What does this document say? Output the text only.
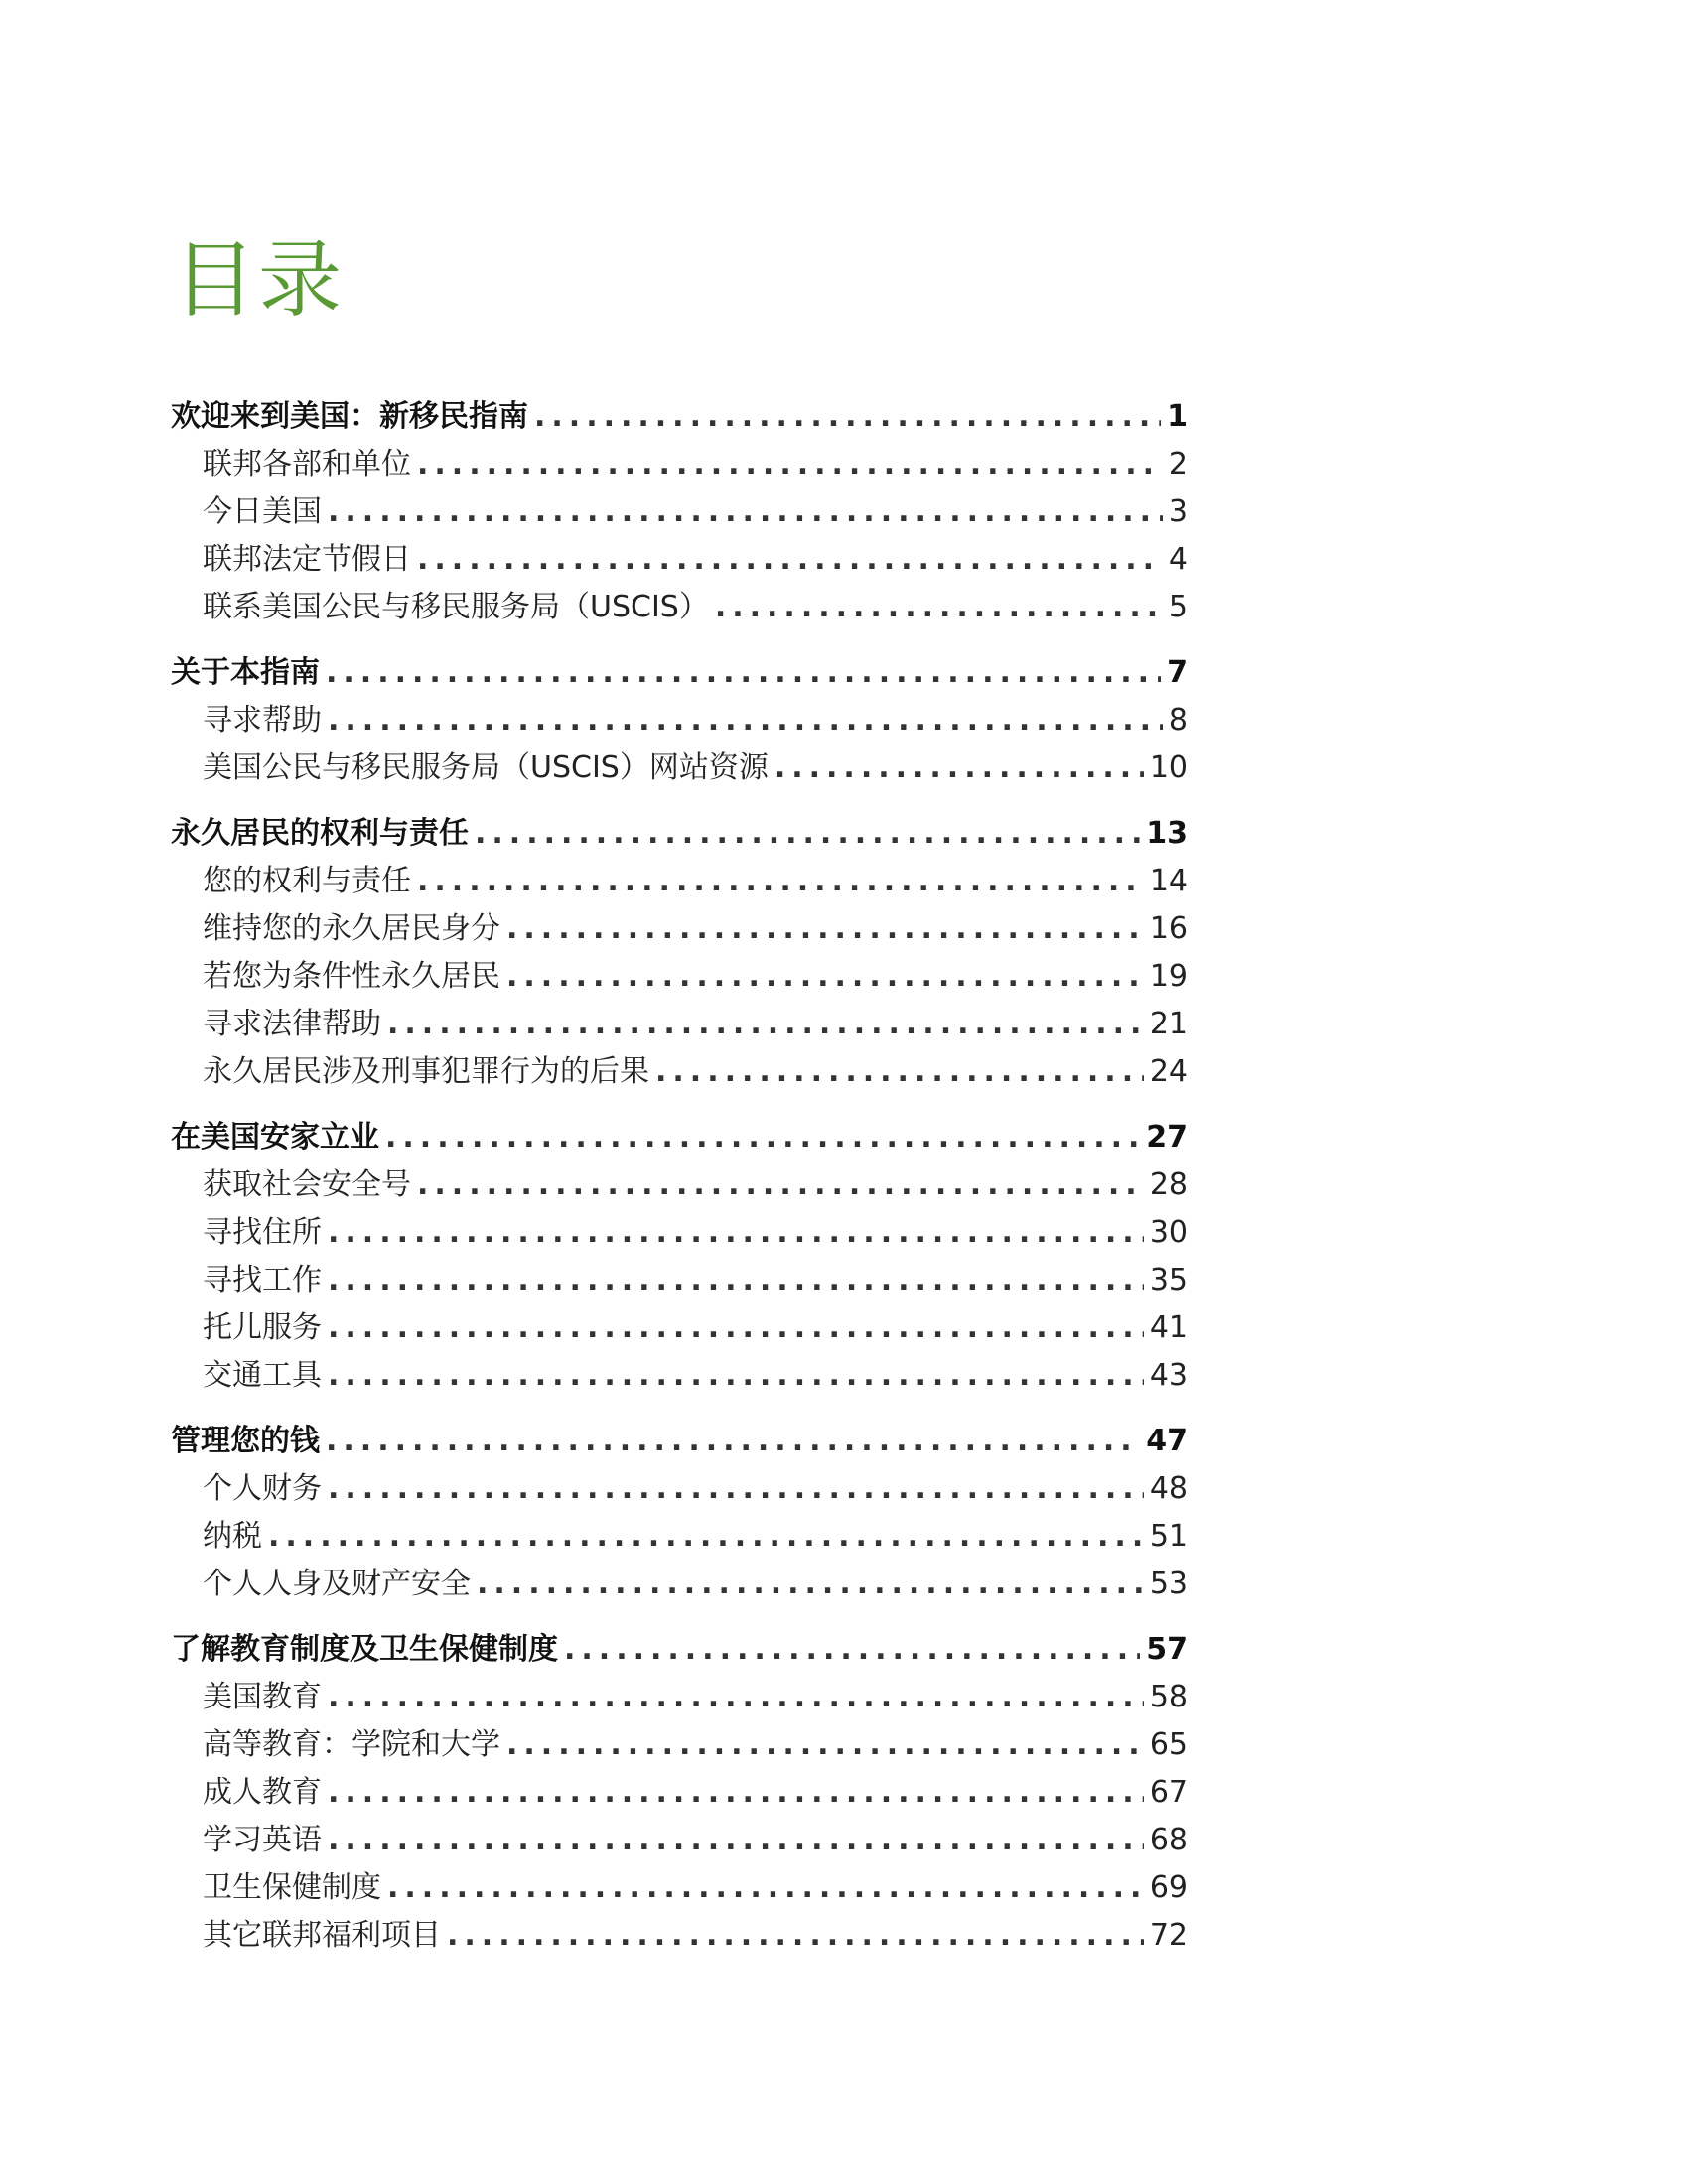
目录
欢迎来到美国：新移民指南 .....	1
联邦各部和单位 .....	2
今日美国 .....	3
联邦法定节假日 .....	4
联系美国公民与移民服务局（USCIS） .....	5
关于本指南 .....	7
寻求帮助 .....	8
美国公民与移民服务局（USCIS）网站资源 .....	10
永久居民的权利与责任 .....	13
您的权利与责任 .....	14
维持您的永久居民身分 .....	16
若您为条件性永久居民 .....	19
寻求法律帮助 .....	21
永久居民涉及刑事犯罪行为的后果 .....	24
在美国安家立业 .....	27
获取社会安全号 .....	28
寻找住所 .....	30
寻找工作 .....	35
托儿服务 .....	41
交通工具 .....	43
管理您的钱 .....	47
个人财务 .....	48
纳税 .....	51
个人人身及财产安全 .....	53
了解教育制度及卫生保健制度 .....	57
美国教育 .....	58
高等教育：学院和大学 .....	65
成人教育 .....	67
学习英语 .....	68
卫生保健制度 .....	69
其它联邦福利项目 .....	72
